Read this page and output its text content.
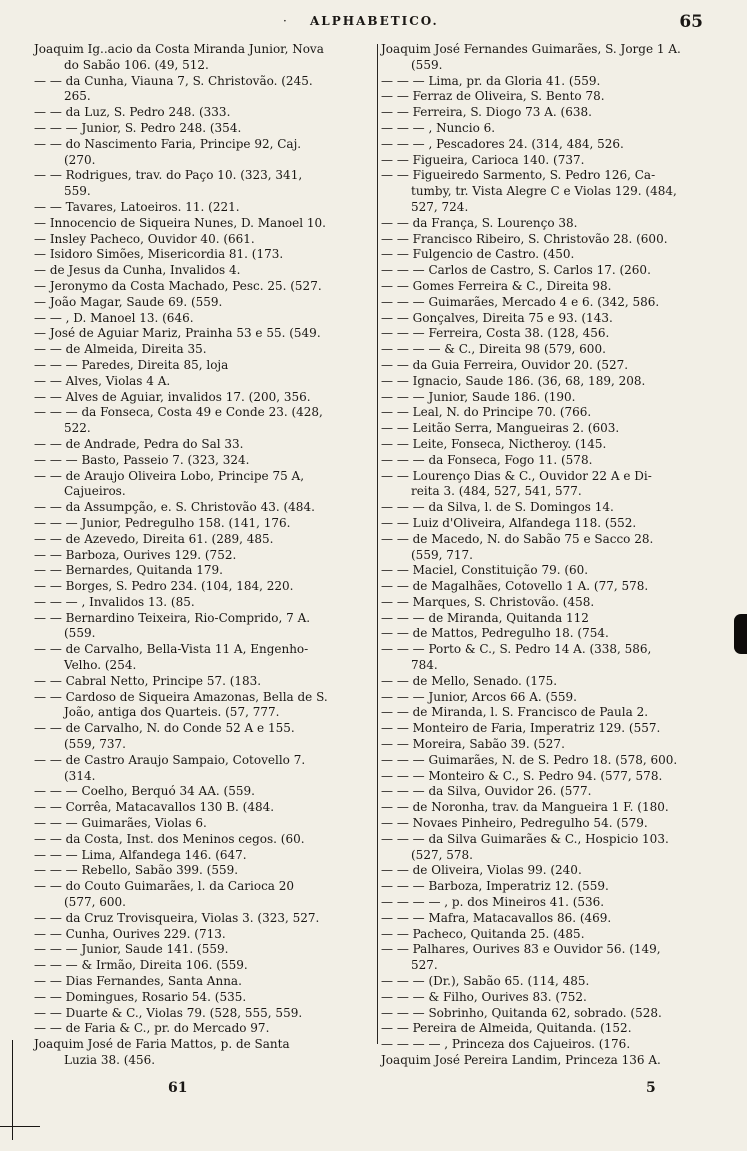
· ALPHABETICO.	65
Joaquim Ig..acio da Costa Miranda Junior, Nova
do Sabão 106. (49, 512.
— — da Cunha, Viauna 7, S. Christovão. (245.
265.
— — da Luz, S. Pedro 248. (333.
— — — Junior, S. Pedro 248. (354.
— — do Nascimento Faria, Principe 92, Caj.
(270.
— — Rodrigues, trav. do Paço 10. (323, 341,
559.
— — Tavares, Latoeiros. 11. (221.
— Innocencio de Siqueira Nunes, D. Manoel 10.
— Insley Pacheco, Ouvidor 40. (661.
— Isidoro Simões, Misericordia 81. (173.
— de Jesus da Cunha, Invalidos 4.
— Jeronymo da Costa Machado, Pesc. 25. (527.
— João Magar, Saude 69. (559.
— — , D. Manoel 13. (646.
— José de Aguiar Mariz, Prainha 53 e 55. (549.
— — de Almeida, Direita 35.
— — — Paredes, Direita 85, loja
— — Alves, Violas 4 A.
— — Alves de Aguiar, invalidos 17. (200, 356.
— — — da Fonseca, Costa 49 e Conde 23. (428,
522.
— — de Andrade, Pedra do Sal 33.
— — — Basto, Passeio 7. (323, 324.
— — de Araujo Oliveira Lobo, Principe 75 A,
Cajueiros.
— — da Assumpção, e. S. Christovão 43. (484.
— — — Junior, Pedregulho 158. (141, 176.
— — de Azevedo, Direita 61. (289, 485.
— — Barboza, Ourives 129. (752.
— — Bernardes, Quitanda 179.
— — Borges, S. Pedro 234. (104, 184, 220.
— — — , Invalidos 13. (85.
— — Bernardino Teixeira, Rio-Comprido, 7 A.
(559.
— — de Carvalho, Bella-Vista 11 A, Engenho-
Velho. (254.
— — Cabral Netto, Principe 57. (183.
— — Cardoso de Siqueira Amazonas, Bella de S.
João, antiga dos Quarteis. (57, 777.
— — de Carvalho, N. do Conde 52 A e 155.
(559, 737.
— — de Castro Araujo Sampaio, Cotovello 7.
(314.
— — — Coelho, Berquó 34 AA. (559.
— — Corrêa, Matacavallos 130 B. (484.
— — — Guimarães, Violas 6.
— — da Costa, Inst. dos Meninos cegos. (60.
— — — Lima, Alfandega 146. (647.
— — — Rebello, Sabão 399. (559.
— — do Couto Guimarães, l. da Carioca 20
(577, 600.
— — da Cruz Trovisqueira, Violas 3. (323, 527.
— — Cunha, Ourives 229. (713.
— — — Junior, Saude 141. (559.
— — — & Irmão, Direita 106. (559.
— — Dias Fernandes, Santa Anna.
— — Domingues, Rosario 54. (535.
— — Duarte & C., Violas 79. (528, 555, 559.
— — de Faria & C., pr. do Mercado 97.
Joaquim José de Faria Mattos, p. de Santa
Luzia 38. (456.
Joaquim José Fernandes Guimarães, S. Jorge 1 A.
(559.
— — — Lima, pr. da Gloria 41. (559.
— — Ferraz de Oliveira, S. Bento 78.
— — Ferreira, S. Diogo 73 A. (638.
— — — , Nuncio 6.
— — — , Pescadores 24. (314, 484, 526.
— — Figueira, Carioca 140. (737.
— — Figueiredo Sarmento, S. Pedro 126, Ca-
tumby, tr. Vista Alegre C e Violas 129. (484,
527, 724.
— — da França, S. Lourenço 38.
— — Francisco Ribeiro, S. Christovão 28. (600.
— — Fulgencio de Castro. (450.
— — — Carlos de Castro, S. Carlos 17. (260.
— — Gomes Ferreira & C., Direita 98.
— — — Guimarães, Mercado 4 e 6. (342, 586.
— — Gonçalves, Direita 75 e 93. (143.
— — — Ferreira, Costa 38. (128, 456.
— — — — & C., Direita 98 (579, 600.
— — da Guia Ferreira, Ouvidor 20. (527.
— — Ignacio, Saude 186. (36, 68, 189, 208.
— — — Junior, Saude 186. (190.
— — Leal, N. do Principe 70. (766.
— — Leitão Serra, Mangueiras 2. (603.
— — Leite, Fonseca, Nictheroy. (145.
— — — da Fonseca, Fogo 11. (578.
— — Lourenço Dias & C., Ouvidor 22 A e Di-
reita 3. (484, 527, 541, 577.
— — — da Silva, l. de S. Domingos 14.
— — Luiz d'Oliveira, Alfandega 118. (552.
— — de Macedo, N. do Sabão 75 e Sacco 28.
(559, 717.
— — Maciel, Constituição 79. (60.
— — de Magalhães, Cotovello 1 A. (77, 578.
— — Marques, S. Christovão. (458.
— — — de Miranda, Quitanda 112
— — de Mattos, Pedregulho 18. (754.
— — — Porto & C., S. Pedro 14 A. (338, 586,
784.
— — de Mello, Senado. (175.
— — — Junior, Arcos 66 A. (559.
— — de Miranda, l. S. Francisco de Paula 2.
— — Monteiro de Faria, Imperatriz 129. (557.
— — Moreira, Sabão 39. (527.
— — — Guimarães, N. de S. Pedro 18. (578, 600.
— — — Monteiro & C., S. Pedro 94. (577, 578.
— — — da Silva, Ouvidor 26. (577.
— — de Noronha, trav. da Mangueira 1 F. (180.
— — Novaes Pinheiro, Pedregulho 54. (579.
— — — da Silva Guimarães & C., Hospicio 103.
(527, 578.
— — de Oliveira, Violas 99. (240.
— — — Barboza, Imperatriz 12. (559.
— — — — , p. dos Mineiros 41. (536.
— — — Mafra, Matacavallos 86. (469.
— — Pacheco, Quitanda 25. (485.
— — Palhares, Ourives 83 e Ouvidor 56. (149,
527.
— — — (Dr.), Sabão 65. (114, 485.
— — — & Filho, Ourives 83. (752.
— — — Sobrinho, Quitanda 62, sobrado. (528.
— — Pereira de Almeida, Quitanda. (152.
— — — — , Princeza dos Cajueiros. (176.
Joaquim José Pereira Landim, Princeza 136 A.
61	5
